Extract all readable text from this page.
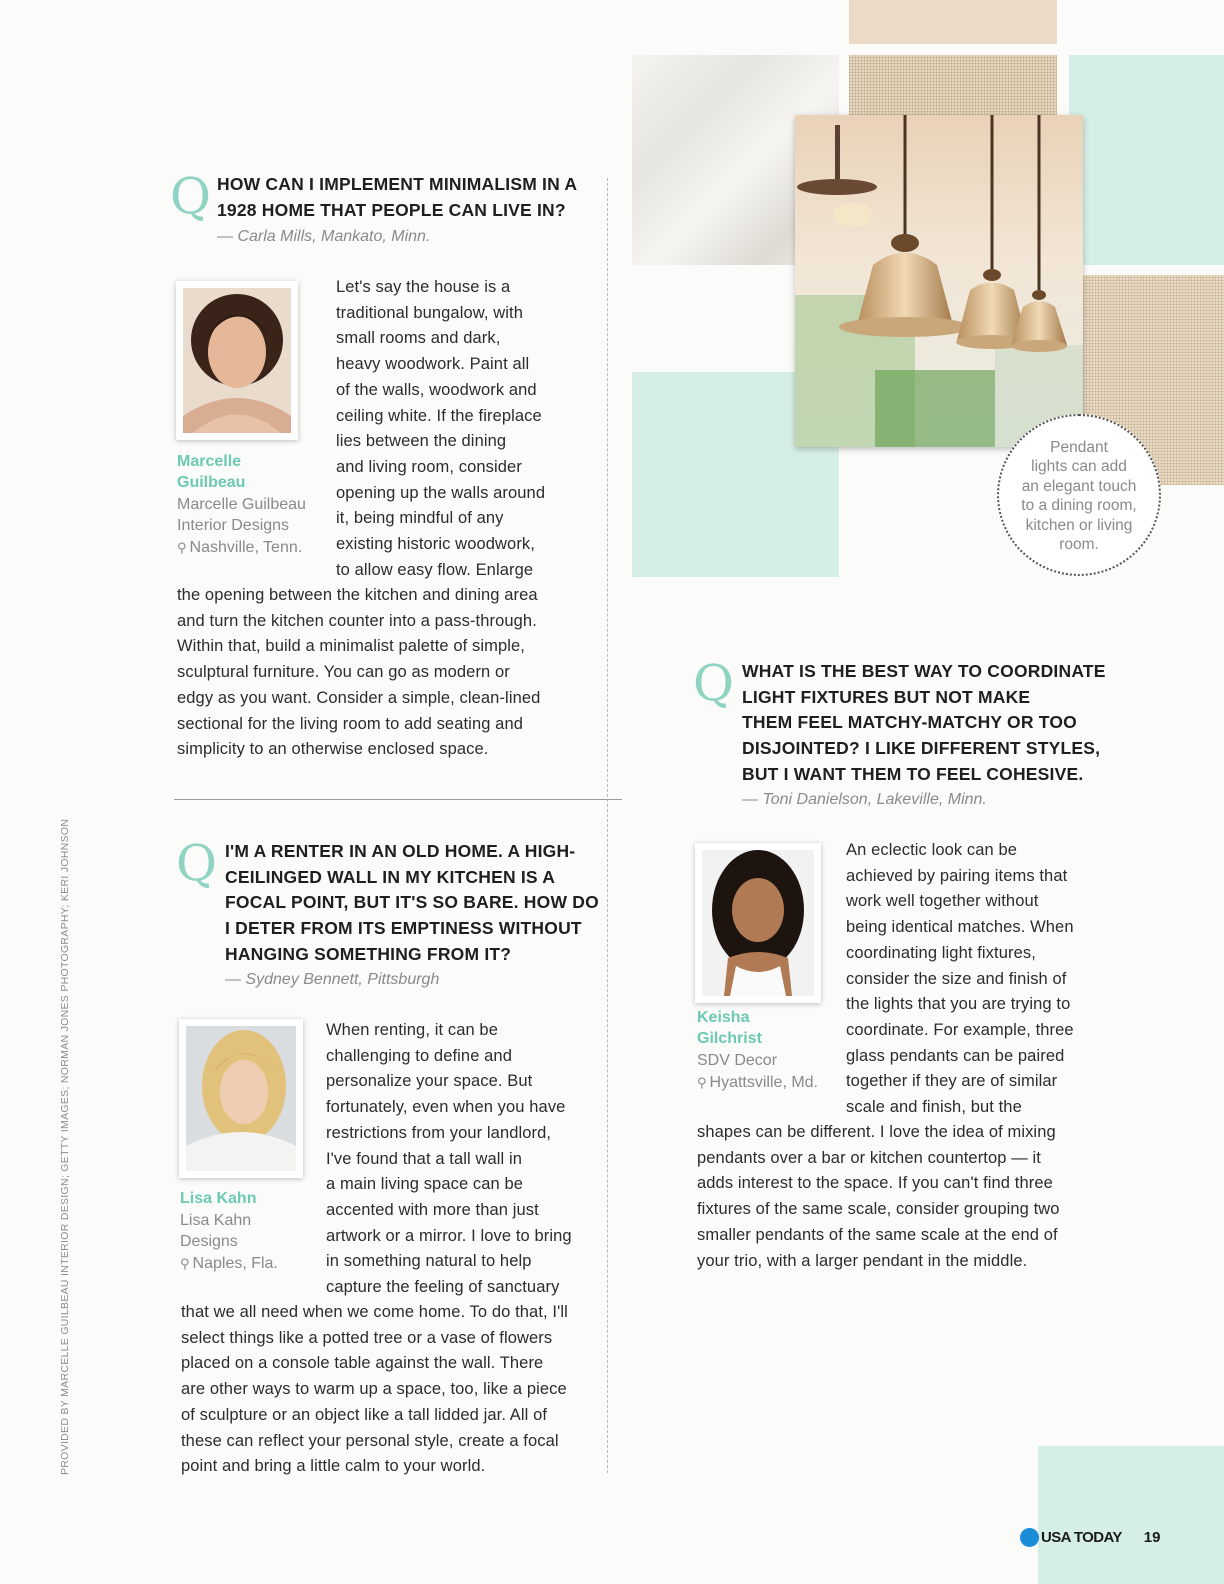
Pendant
lights can add
an elegant touch
to a dining room,
kitchen or living
room.
Q HOW CAN I IMPLEMENT MINIMALISM IN A
1928 HOME THAT PEOPLE CAN LIVE IN?
— Carla Mills, Mankato, Minn.
Marcelle
Guilbeau
Marcelle Guilbeau
Interior Designs
⚲ Nashville, Tenn.
Let's say the house is a
traditional bungalow, with
small rooms and dark,
heavy woodwork. Paint all
of the walls, woodwork and
ceiling white. If the fireplace
lies between the dining
and living room, consider
opening up the walls around
it, being mindful of any
existing historic woodwork,
to allow easy flow. Enlarge
the opening between the kitchen and dining area
and turn the kitchen counter into a pass-through.
Within that, build a minimalist palette of simple,
sculptural furniture. You can go as modern or
edgy as you want. Consider a simple, clean-lined
sectional for the living room to add seating and
simplicity to an otherwise enclosed space.
Q I'M A RENTER IN AN OLD HOME. A HIGH-
CEILINGED WALL IN MY KITCHEN IS A
FOCAL POINT, BUT IT'S SO BARE. HOW DO
I DETER FROM ITS EMPTINESS WITHOUT
HANGING SOMETHING FROM IT?
— Sydney Bennett, Pittsburgh
Lisa Kahn
Lisa Kahn
Designs
⚲ Naples, Fla.
When renting, it can be
challenging to define and
personalize your space. But
fortunately, even when you have
restrictions from your landlord,
I've found that a tall wall in
a main living space can be
accented with more than just
artwork or a mirror. I love to bring
in something natural to help
capture the feeling of sanctuary
that we all need when we come home. To do that, I'll
select things like a potted tree or a vase of flowers
placed on a console table against the wall. There
are other ways to warm up a space, too, like a piece
of sculpture or an object like a tall lidded jar. All of
these can reflect your personal style, create a focal
point and bring a little calm to your world.
Q WHAT IS THE BEST WAY TO COORDINATE
LIGHT FIXTURES BUT NOT MAKE
THEM FEEL MATCHY-MATCHY OR TOO
DISJOINTED? I LIKE DIFFERENT STYLES,
BUT I WANT THEM TO FEEL COHESIVE.
— Toni Danielson, Lakeville, Minn.
Keisha
Gilchrist
SDV Decor
⚲ Hyattsville, Md.
An eclectic look can be
achieved by pairing items that
work well together without
being identical matches. When
coordinating light fixtures,
consider the size and finish of
the lights that you are trying to
coordinate. For example, three
glass pendants can be paired
together if they are of similar
scale and finish, but the
shapes can be different. I love the idea of mixing
pendants over a bar or kitchen countertop — it
adds interest to the space. If you can't find three
fixtures of the same scale, consider grouping two
smaller pendants of the same scale at the end of
your trio, with a larger pendant in the middle.
PROVIDED BY MARCELLE GUILBEAU INTERIOR DESIGN; GETTY IMAGES; NORMAN JONES PHOTOGRAPHY; KERI JOHNSON
USA TODAY 19
